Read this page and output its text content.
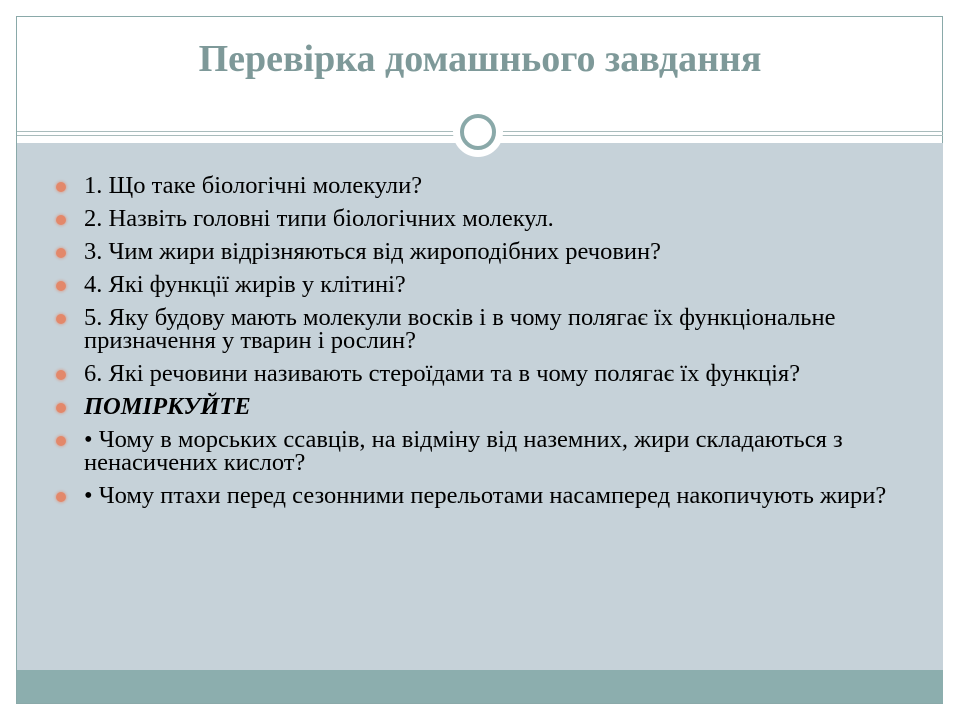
Перевірка домашнього завдання
1. Що таке біологічні молекули?
2. Назвіть головні типи біологічних молекул.
3. Чим жири відрізняються від жироподібних речовин?
4. Які функції жирів у клітині?
5. Яку будову мають молекули восків і в чому полягає їх функціональне призначення у тварин і рослин?
6. Які речовини називають стероїдами та в чому полягає їх функція?
ПОМІРКУЙТЕ
• Чому в морських ссавців, на відміну від наземних, жири складаються з ненасичених кислот?
• Чому птахи перед сезонними перельотами насамперед накопичують жири?
